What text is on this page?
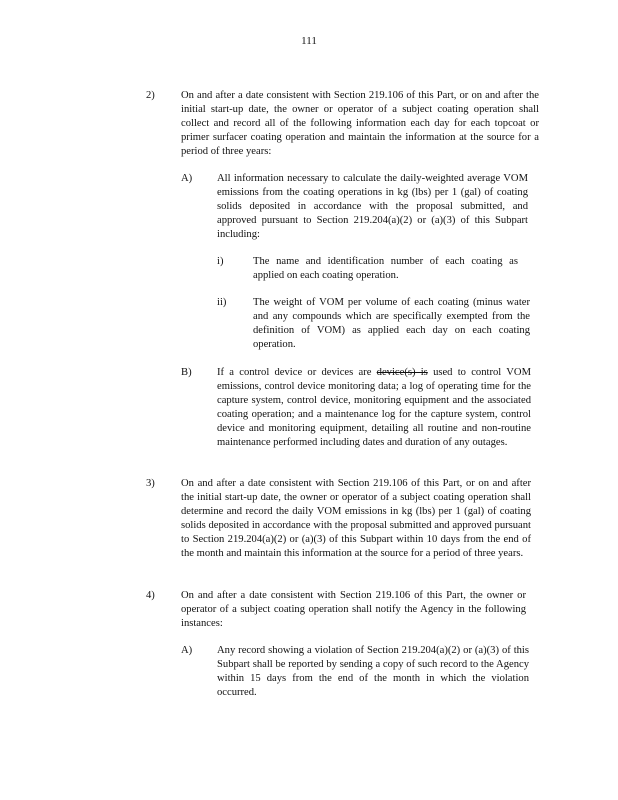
111
2) On and after a date consistent with Section 219.106 of this Part, or on and after the initial start-up date, the owner or operator of a subject coating operation shall collect and record all of the following information each day for each topcoat or primer surfacer coating operation and maintain the information at the source for a period of three years:
A) All information necessary to calculate the daily-weighted average VOM emissions from the coating operations in kg (lbs) per 1 (gal) of coating solids deposited in accordance with the proposal submitted, and approved pursuant to Section 219.204(a)(2) or (a)(3) of this Subpart including:
i)	The name and identification number of each coating as applied on each coating operation.
ii)	The weight of VOM per volume of each coating (minus water and any compounds which are specifically exempted from the definition of VOM) as applied each day on each coating operation.
B) If a control device or devices are device(s) is used to control VOM emissions, control device monitoring data; a log of operating time for the capture system, control device, monitoring equipment and the associated coating operation; and a maintenance log for the capture system, control device and monitoring equipment, detailing all routine and non-routine maintenance performed including dates and duration of any outages.
3) On and after a date consistent with Section 219.106 of this Part, or on and after the initial start-up date, the owner or operator of a subject coating operation shall determine and record the daily VOM emissions in kg (lbs) per 1 (gal) of coating solids deposited in accordance with the proposal submitted and approved pursuant to Section 219.204(a)(2) or (a)(3) of this Subpart within 10 days from the end of the month and maintain this information at the source for a period of three years.
4) On and after a date consistent with Section 219.106 of this Part, the owner or operator of a subject coating operation shall notify the Agency in the following instances:
A) Any record showing a violation of Section 219.204(a)(2) or (a)(3) of this Subpart shall be reported by sending a copy of such record to the Agency within 15 days from the end of the month in which the violation occurred.
